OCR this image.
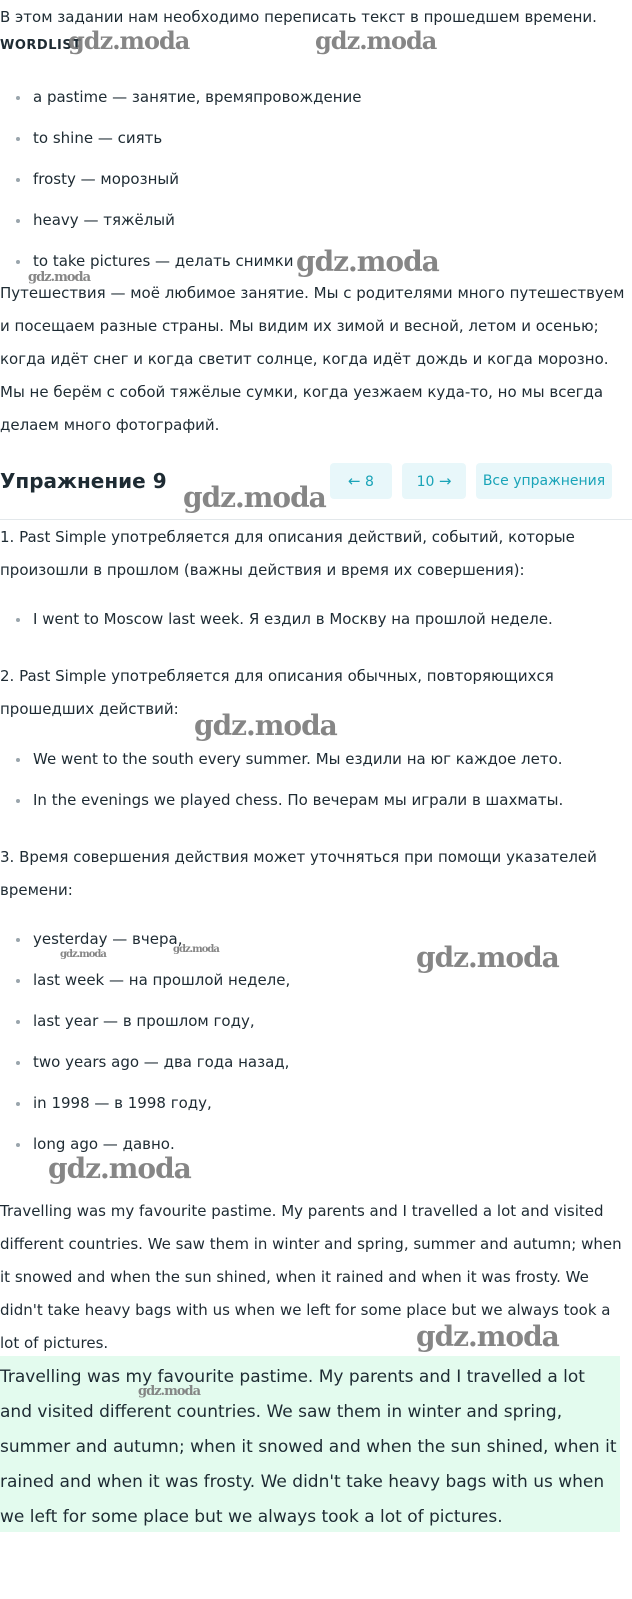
В этом задании нам необходимо переписать текст в прошедшем времени.

WORDLIST
a pastime — занятие, времяпровождение
to shine — сиять
frosty — морозный
heavy — тяжёлый
to take pictures — делать снимки

Путешествия — моё любимое занятие. Мы с родителями много путешествуем и посещаем разные страны. Мы видим их зимой и весной, летом и осенью; когда идёт снег и когда светит солнце, когда идёт дождь и когда морозно. Мы не берём с собой тяжёлые сумки, когда уезжаем куда-то, но мы всегда делаем много фотографий.

Упражнение 9	← 8	10 →	Все упражнения

1. Past Simple употребляется для описания действий, событий, которые произошли в прошлом (важны действия и время их совершения):

I went to Moscow last week. Я ездил в Москву на прошлой неделе.

2. Past Simple употребляется для описания обычных, повторяющихся прошедших действий:

We went to the south every summer. Мы ездили на юг каждое лето.
In the evenings we played chess. По вечерам мы играли в шахматы.

3. Время совершения действия может уточняться при помощи указателей времени:

yesterday — вчера,
last week — на прошлой неделе,
last year — в прошлом году,
two years ago — два года назад,
in 1998 — в 1998 году,
long ago — давно.

Travelling was my favourite pastime. My parents and I travelled a lot and visited different countries. We saw them in winter and spring, summer and autumn; when it snowed and when the sun shined, when it rained and when it was frosty. We didn't take heavy bags with us when we left for some place but we always took a lot of pictures.

Travelling was my favourite pastime. My parents and I travelled a lot and visited different countries. We saw them in winter and spring, summer and autumn; when it snowed and when the sun shined, when it rained and when it was frosty. We didn't take heavy bags with us when we left for some place but we always took a lot of pictures.

gdz.moda	gdz.moda
gdz.moda
gdz.moda
gdz.moda
gdz.moda
gdz.moda	gdz.moda	gdz.moda
gdz.moda
gdz.moda
gdz.moda
